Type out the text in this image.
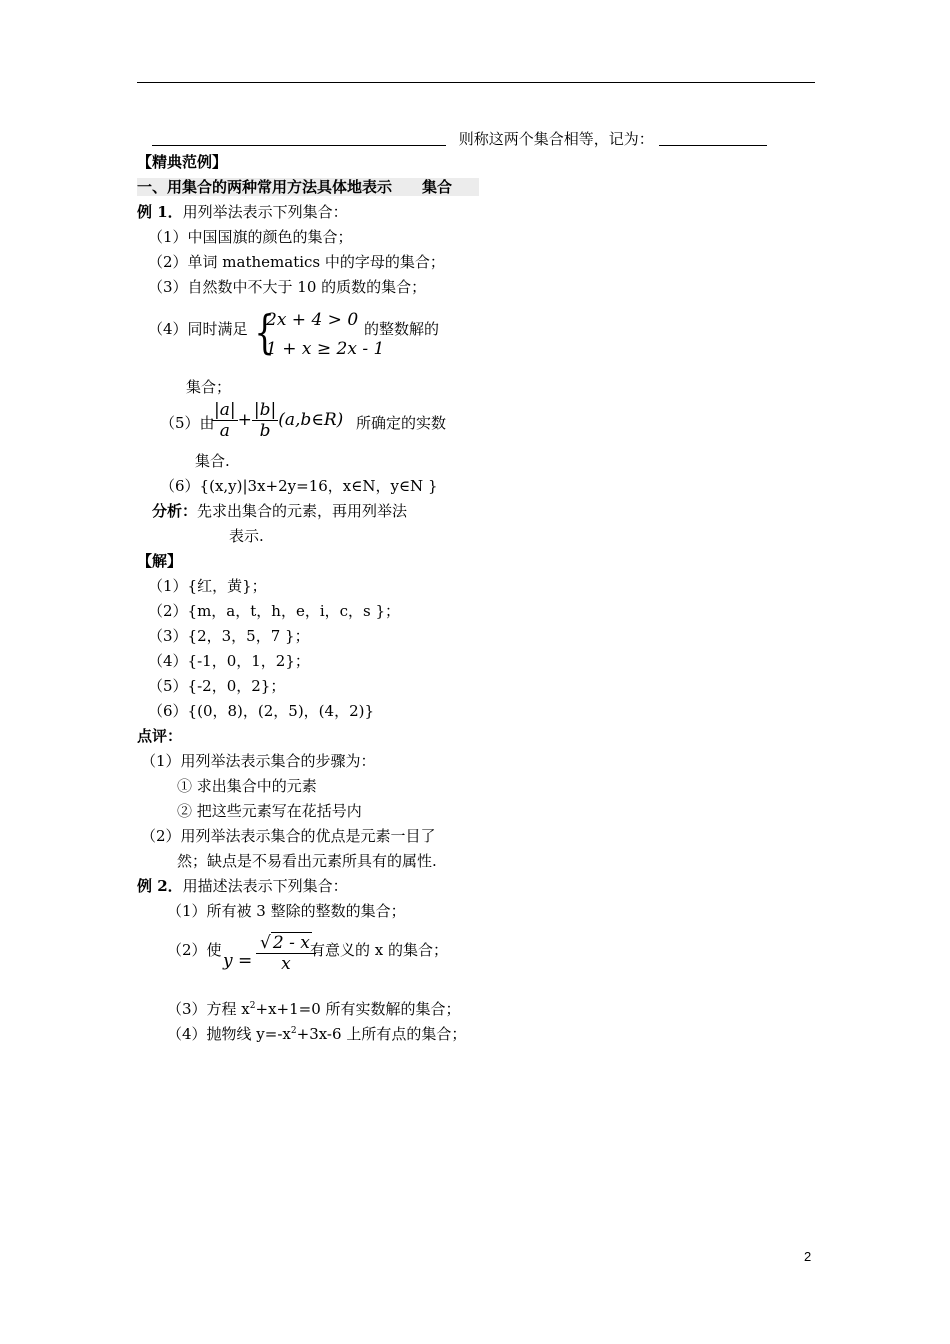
则称这两个集合相等，记为：
【精典范例】
一、用集合的两种常用方法具体地表示　　集合
例 1．用列举法表示下列集合：
（1）中国国旗的颜色的集合；
（2）单词 mathematics 中的字母的集合；
（3）自然数中不大于 10 的质数的集合；
（4）同时满足 {
2x + 4 > 0
1 + x ≥ 2x - 1
的整数解的
集合；
（5）由
$\frac{|a|}{a} + \frac{|b|}{b}$ (a,b∈R) 所确定的实数
集合.
（6）{(x,y)|3x+2y=16，x∈N，y∈N }
分析：先求出集合的元素，再用列举法
表示.
【解】
（1）{红，黄}；
（2）{m，a，t，h，e，i，c，s }；
（3）{2，3，5，7 }；
（4）{-1，0，1，2}；
（5）{-2，0，2}；
（6）{(0，8)，(2，5)，(4，2)}
点评：
（1）用列举法表示集合的步骤为：
① 求出集合中的元素
② 把这些元素写在花括号内
（2）用列举法表示集合的优点是元素一目了
然；缺点是不易看出元素所具有的属性.
例 2．用描述法表示下列集合：
（1）所有被 3 整除的整数的集合；
（2）使
$y = \frac{√ 2 - x}{x}$
有意义的 x 的集合；
（3）方程 $x^2+x+1=0$ 所有实数解的集合；
（4）抛物线 $y=-x^2+3x-6$ 上所有点的集合；
2
